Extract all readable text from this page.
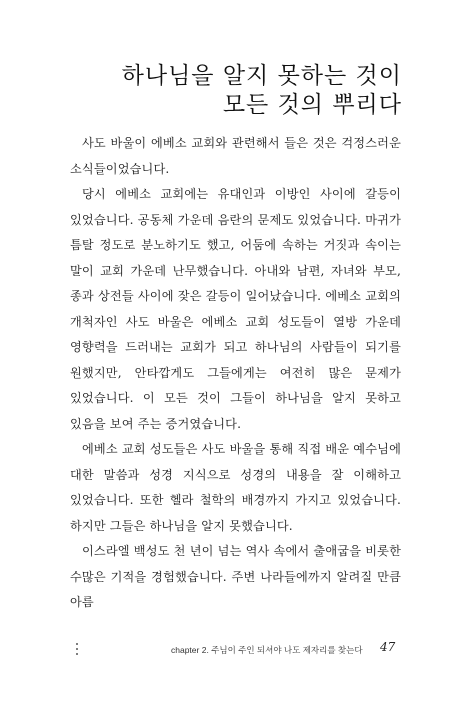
하나님을 알지 못하는 것이
모든 것의 뿌리다

사도 바울이 에베소 교회와 관련해서 들은 것은 걱정스러운 소식들이었습니다.

당시 에베소 교회에는 유대인과 이방인 사이에 갈등이 있었습니다. 공동체 가운데 음란의 문제도 있었습니다. 마귀가 틈탈 정도로 분노하기도 했고, 어둠에 속하는 거짓과 속이는 말이 교회 가운데 난무했습니다. 아내와 남편, 자녀와 부모, 종과 상전들 사이에 잦은 갈등이 일어났습니다. 에베소 교회의 개척자인 사도 바울은 에베소 교회 성도들이 열방 가운데 영향력을 드러내는 교회가 되고 하나님의 사람들이 되기를 원했지만, 안타깝게도 그들에게는 여전히 많은 문제가 있었습니다. 이 모든 것이 그들이 하나님을 알지 못하고 있음을 보여 주는 증거였습니다.

에베소 교회 성도들은 사도 바울을 통해 직접 배운 예수님에 대한 말씀과 성경 지식으로 성경의 내용을 잘 이해하고 있었습니다. 또한 헬라 철학의 배경까지 가지고 있었습니다. 하지만 그들은 하나님을 알지 못했습니다.

이스라엘 백성도 천 년이 넘는 역사 속에서 출애굽을 비롯한 수많은 기적을 경험했습니다. 주변 나라들에까지 알려질 만큼 아름

chapter 2. 주님이 주인 되셔야 나도 제자리를 찾는다 47
